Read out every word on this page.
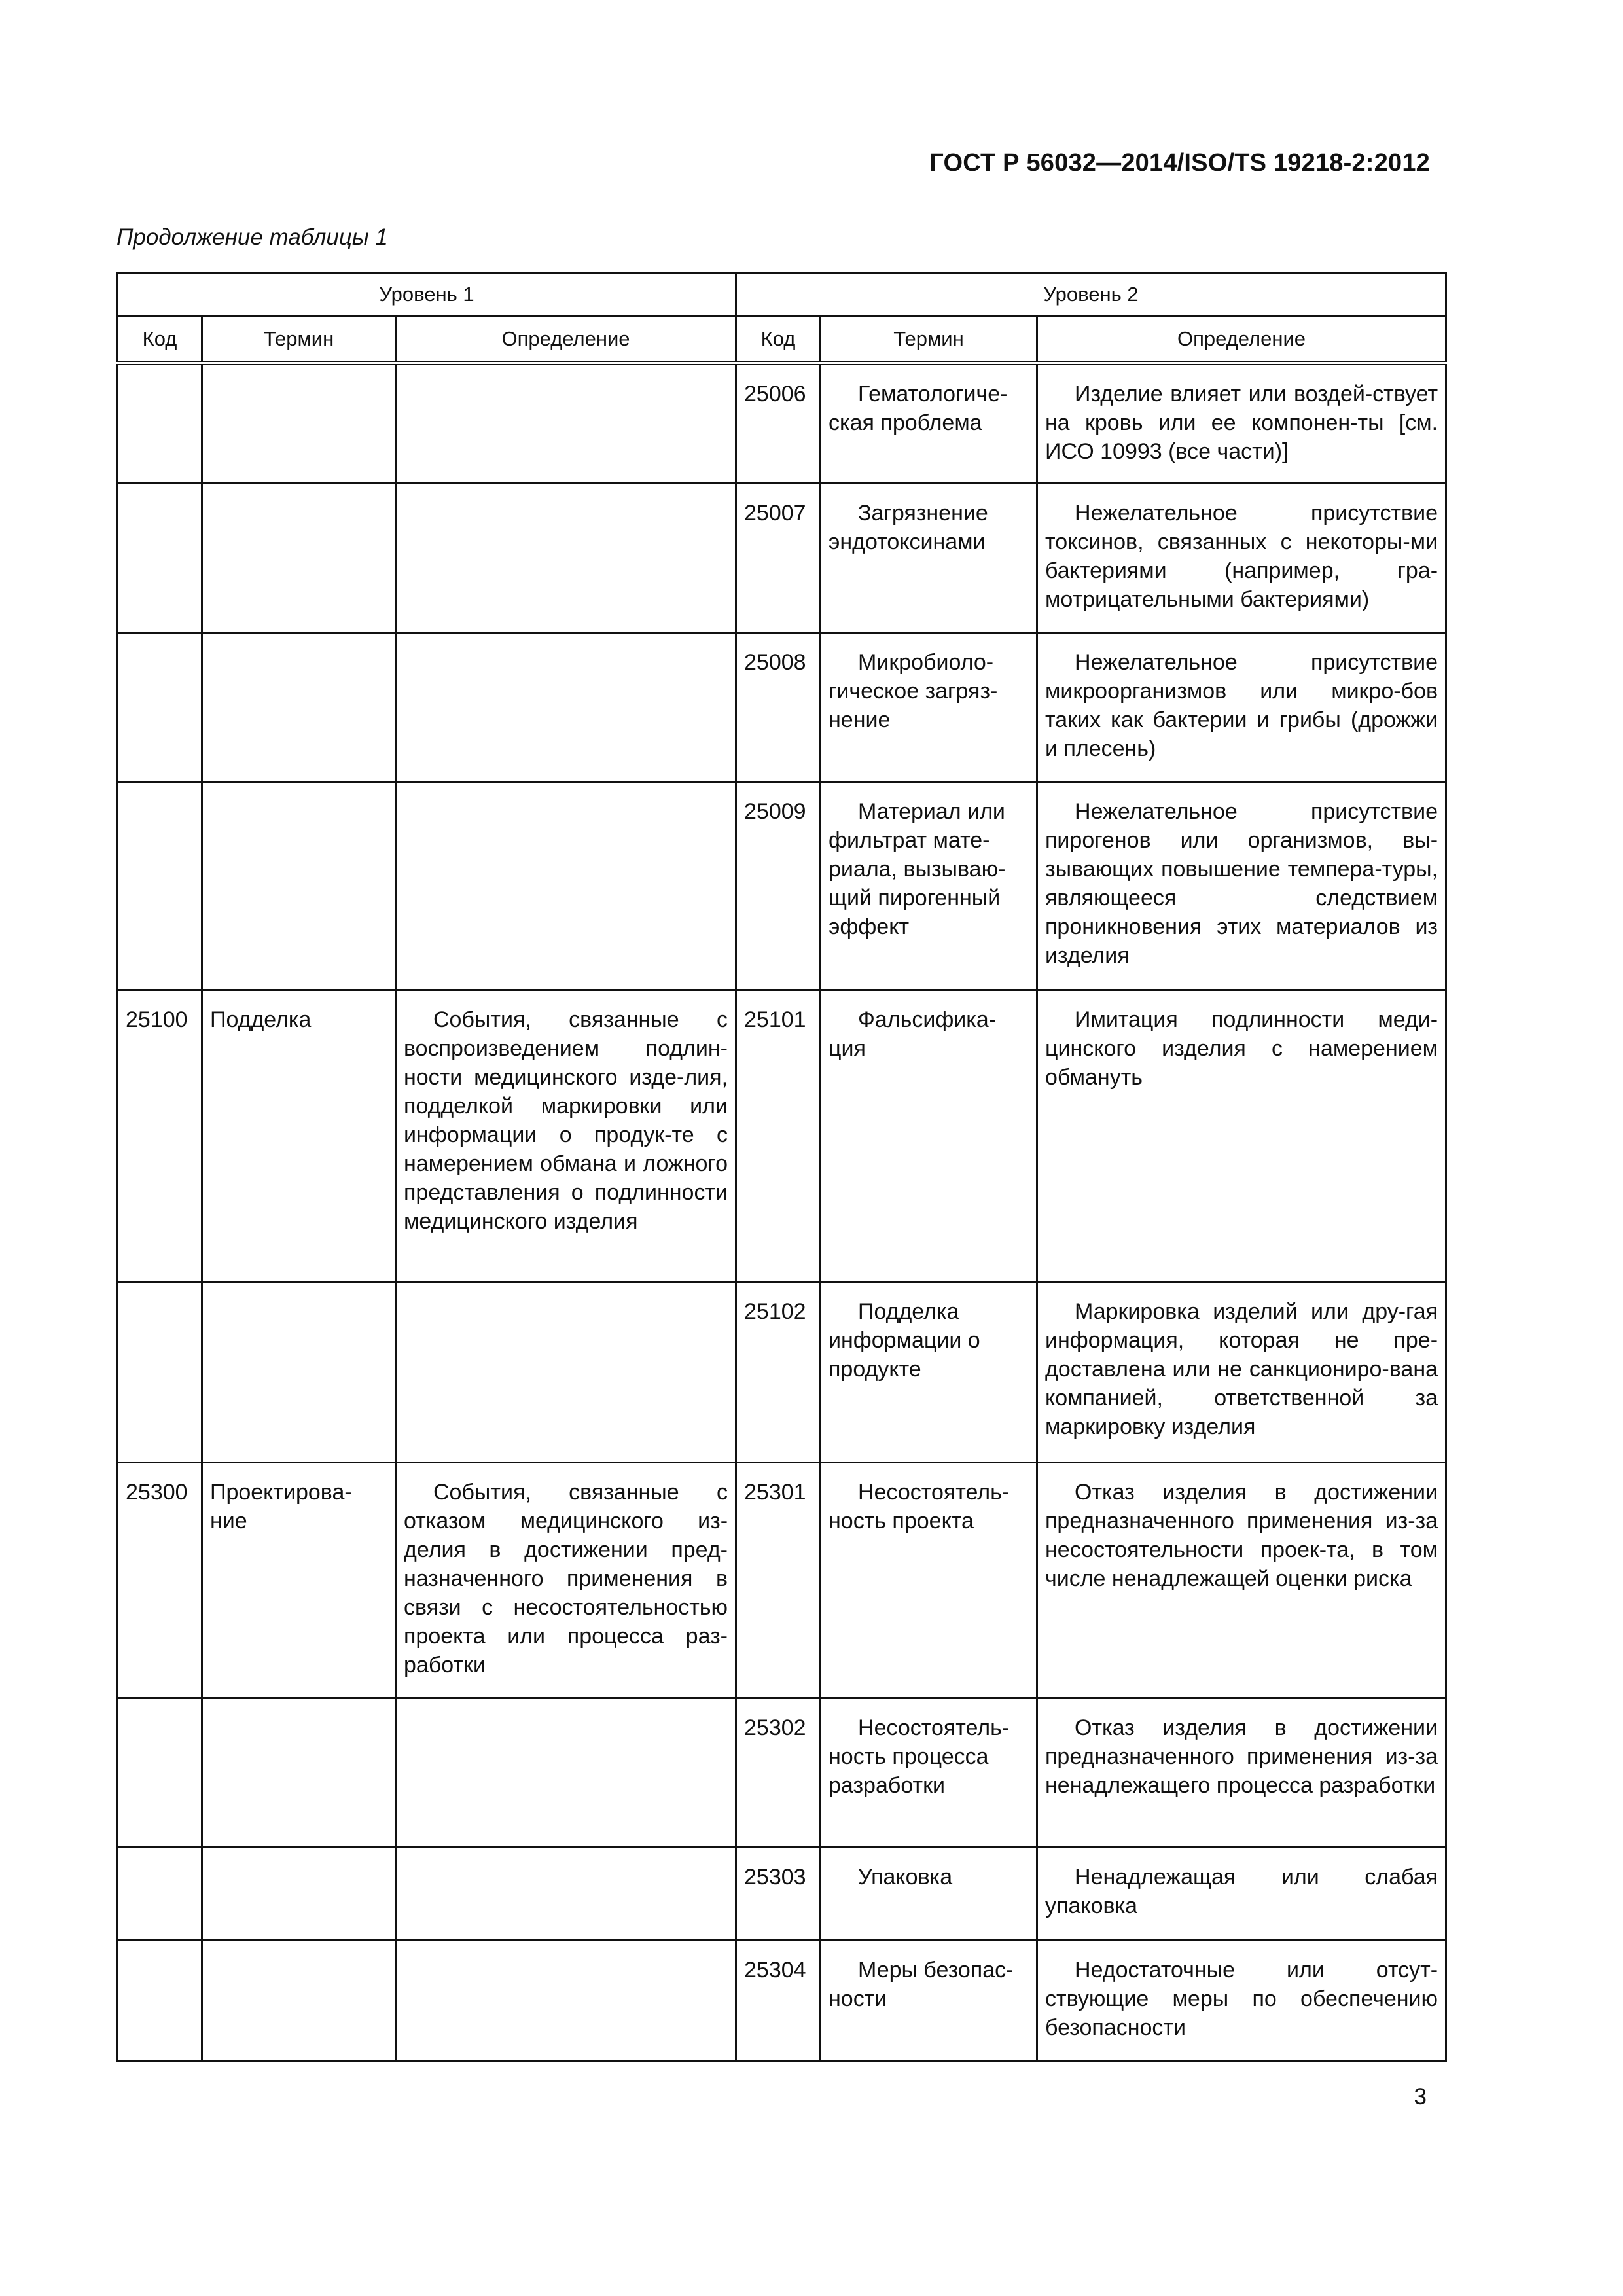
ГОСТ Р 56032—2014/ISO/TS 19218-2:2012
Продолжение таблицы 1
Уровень 1			Уровень 2		
Код	Термин	Определение	Код	Термин	Определение
			25006	Гематологиче-ская проблема	Изделие влияет или воздей-ствует на кровь или ее компонен-ты [см. ИСО 10993 (все части)]
			25007	Загрязнение эндотоксинами	Нежелательное присутствие токсинов, связанных с некоторы-ми бактериями (например, гра-мотрицательными бактериями)
			25008	Микробиоло-гическое загряз-нение	Нежелательное присутствие микроорганизмов или микро-бов таких как бактерии и грибы (дрожжи и плесень)
			25009	Материал или фильтрат мате-риала, вызываю-щий пирогенный эффект	Нежелательное присутствие пирогенов или организмов, вы-зывающих повышение темпера-туры, являющееся следствием проникновения этих материалов из изделия
25100	Подделка	События, связанные с воспроизведением подлин-ности медицинского изде-лия, подделкой маркировки или информации о продук-те с намерением обмана и ложного представления о подлинности медицинского изделия	25101	Фальсифика-ция	Имитация подлинности меди-цинского изделия с намерением обмануть
			25102	Подделка информации о продукте	Маркировка изделий или дру-гая информация, которая не пре-доставлена или не санкциониро-вана компанией, ответственной за маркировку изделия
25300	Проектирова-ние	События, связанные с отказом медицинского из-делия в достижении пред-назначенного применения в связи с несостоятельностью проекта или процесса раз-работки	25301	Несостоятель-ность проекта	Отказ изделия в достижении предназначенного применения из-за несостоятельности проек-та, в том числе ненадлежащей оценки риска
			25302	Несостоятель-ность процесса разработки	Отказ изделия в достижении предназначенного применения из-за ненадлежащего процесса разработки
			25303	Упаковка	Ненадлежащая или слабая упаковка
			25304	Меры безопас-ности	Недостаточные или отсут-ствующие меры по обеспечению безопасности
3
